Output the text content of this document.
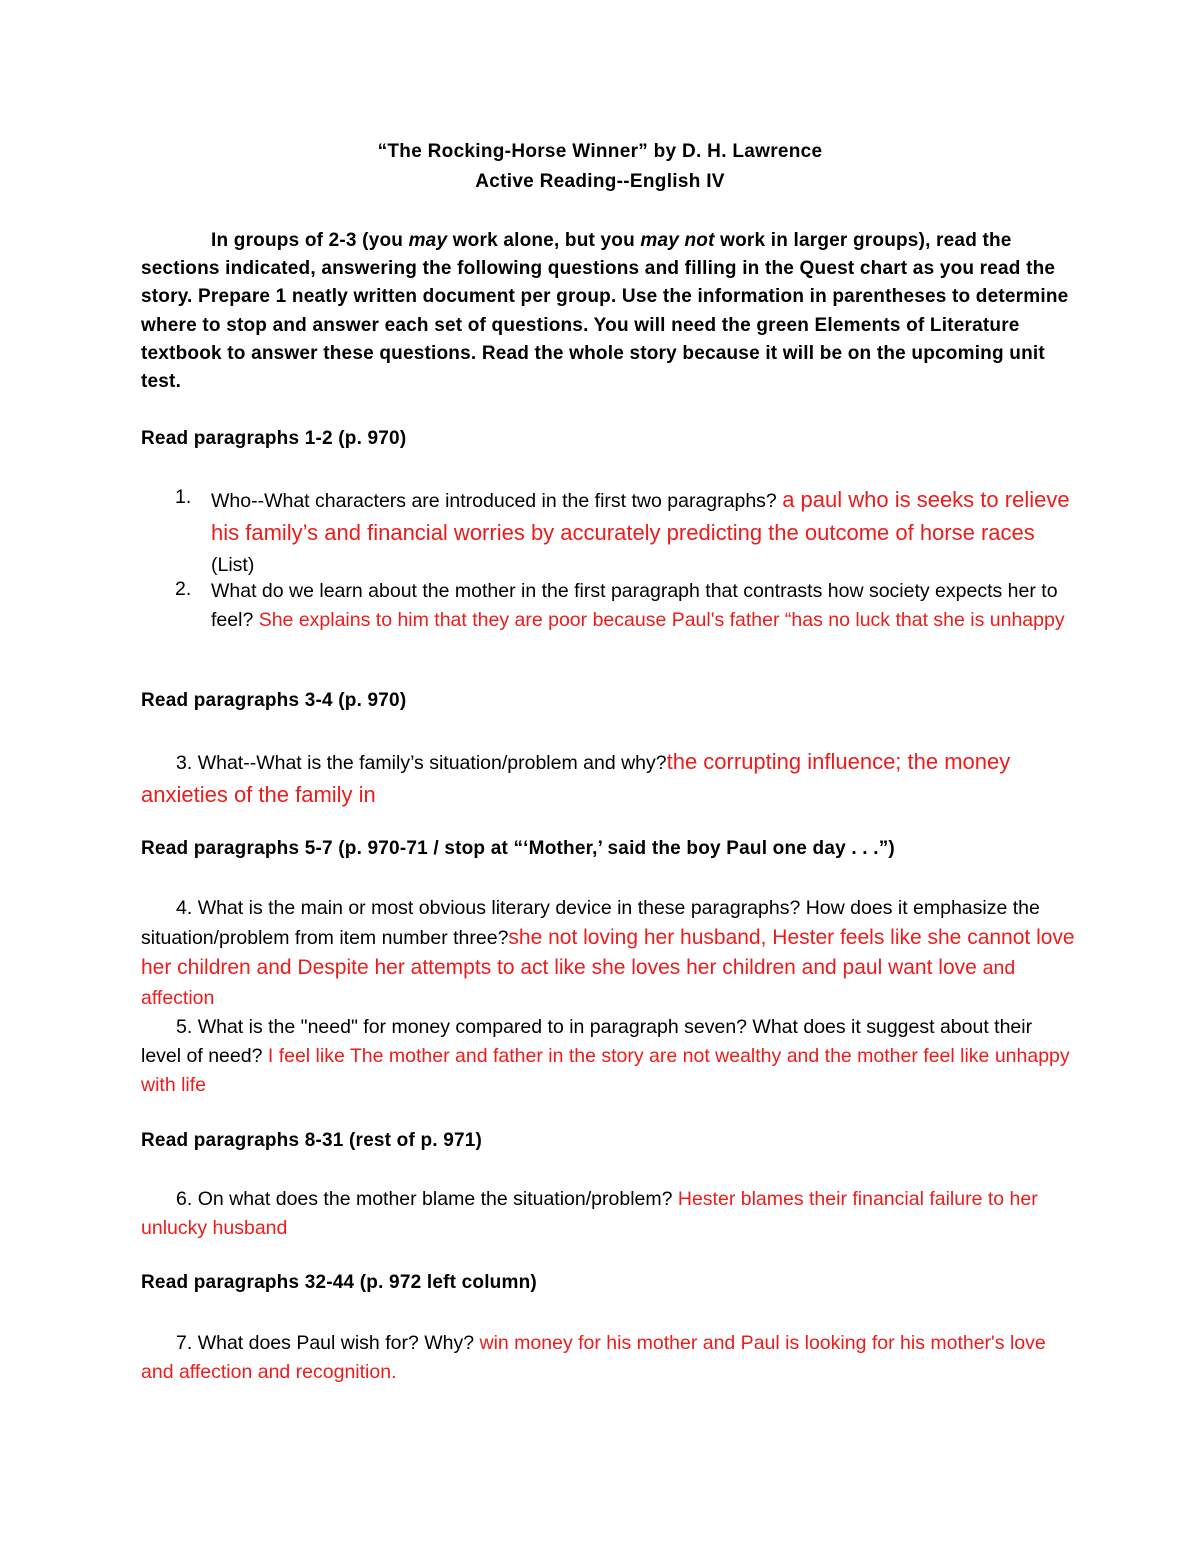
“The Rocking-Horse Winner” by D. H. Lawrence
Active Reading--English IV
In groups of 2-3 (you may work alone, but you may not work in larger groups), read the sections indicated, answering the following questions and filling in the Quest chart as you read the story. Prepare 1 neatly written document per group. Use the information in parentheses to determine where to stop and answer each set of questions. You will need the green Elements of Literature textbook to answer these questions. Read the whole story because it will be on the upcoming unit test.
Read paragraphs 1-2 (p. 970)
1. Who--What characters are introduced in the first two paragraphs? a paul who is seeks to relieve his family’s and financial worries by accurately predicting the outcome of horse races (List)
2. What do we learn about the mother in the first paragraph that contrasts how society expects her to feel? She explains to him that they are poor because Paul's father “has no luck that she is unhappy
Read paragraphs 3-4 (p. 970)
3. What--What is the family’s situation/problem and why?the corrupting influence; the money anxieties of the family in
Read paragraphs 5-7 (p. 970-71 / stop at “‘Mother,’ said the boy Paul one day . . .”)
4. What is the main or most obvious literary device in these paragraphs? How does it emphasize the situation/problem from item number three?she not loving her husband, Hester feels like she cannot love her children and Despite her attempts to act like she loves her children and paul want love and affection
5. What is the "need" for money compared to in paragraph seven? What does it suggest about their level of need? I feel like The mother and father in the story are not wealthy and the mother feel like unhappy with life
Read paragraphs 8-31 (rest of p. 971)
6. On what does the mother blame the situation/problem? Hester blames their financial failure to her unlucky husband
Read paragraphs 32-44 (p. 972 left column)
7. What does Paul wish for? Why? win money for his mother and Paul is looking for his mother's love and affection and recognition.
